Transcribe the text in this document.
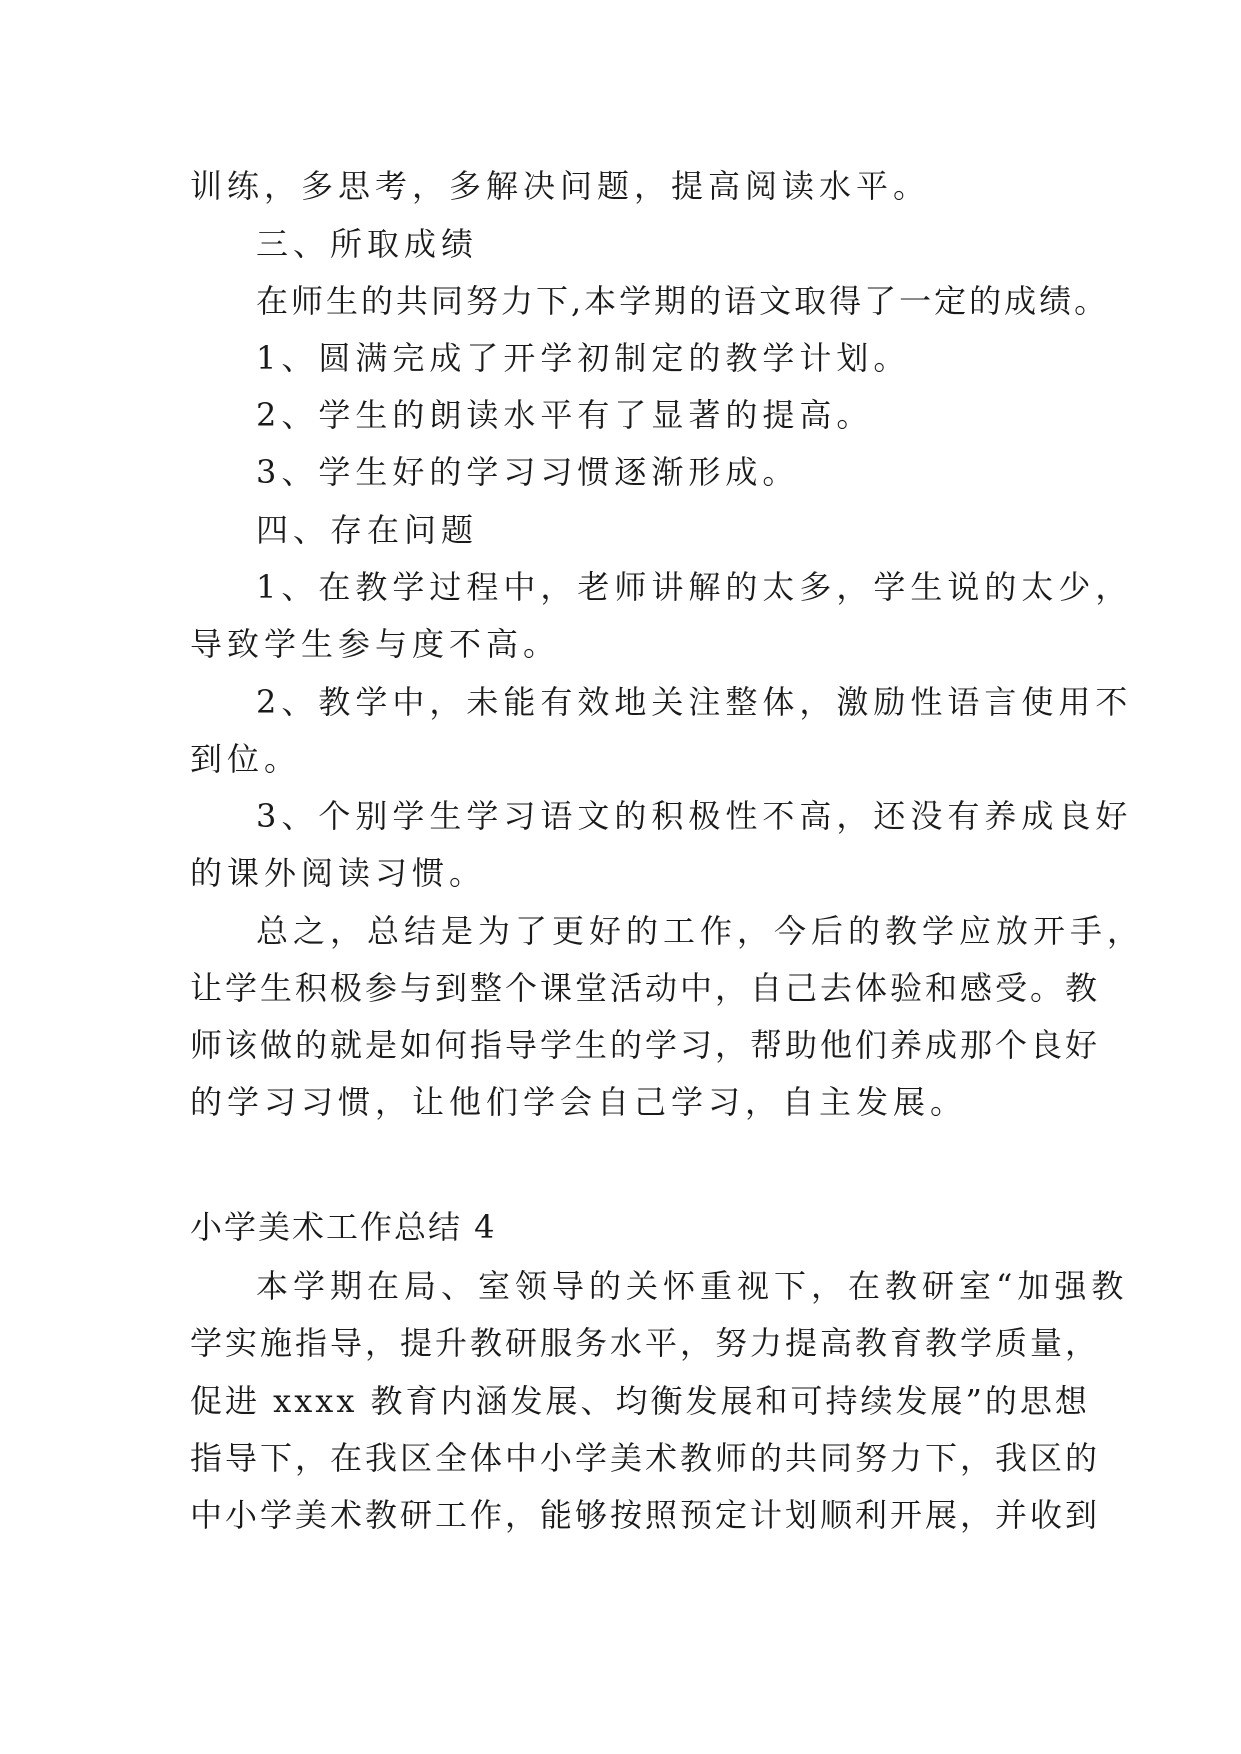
训练，多思考，多解决问题，提高阅读水平。
三、所取成绩
在师生的共同努力下,本学期的语文取得了一定的成绩。
1、圆满完成了开学初制定的教学计划。
2、学生的朗读水平有了显著的提高。
3、学生好的学习习惯逐渐形成。
四、存在问题
1、在教学过程中，老师讲解的太多，学生说的太少，
导致学生参与度不高。
2、教学中，未能有效地关注整体，激励性语言使用不
到位。
3、个别学生学习语文的积极性不高，还没有养成良好
的课外阅读习惯。
总之，总结是为了更好的工作，今后的教学应放开手，
让学生积极参与到整个课堂活动中，自己去体验和感受。教
师该做的就是如何指导学生的学习，帮助他们养成那个良好
的学习习惯，让他们学会自己学习，自主发展。
小学美术工作总结 4
本学期在局、室领导的关怀重视下，在教研室“加强教
学实施指导，提升教研服务水平，努力提高教育教学质量，
促进 xxxx 教育内涵发展、均衡发展和可持续发展”的思想
指导下，在我区全体中小学美术教师的共同努力下，我区的
中小学美术教研工作，能够按照预定计划顺利开展，并收到
